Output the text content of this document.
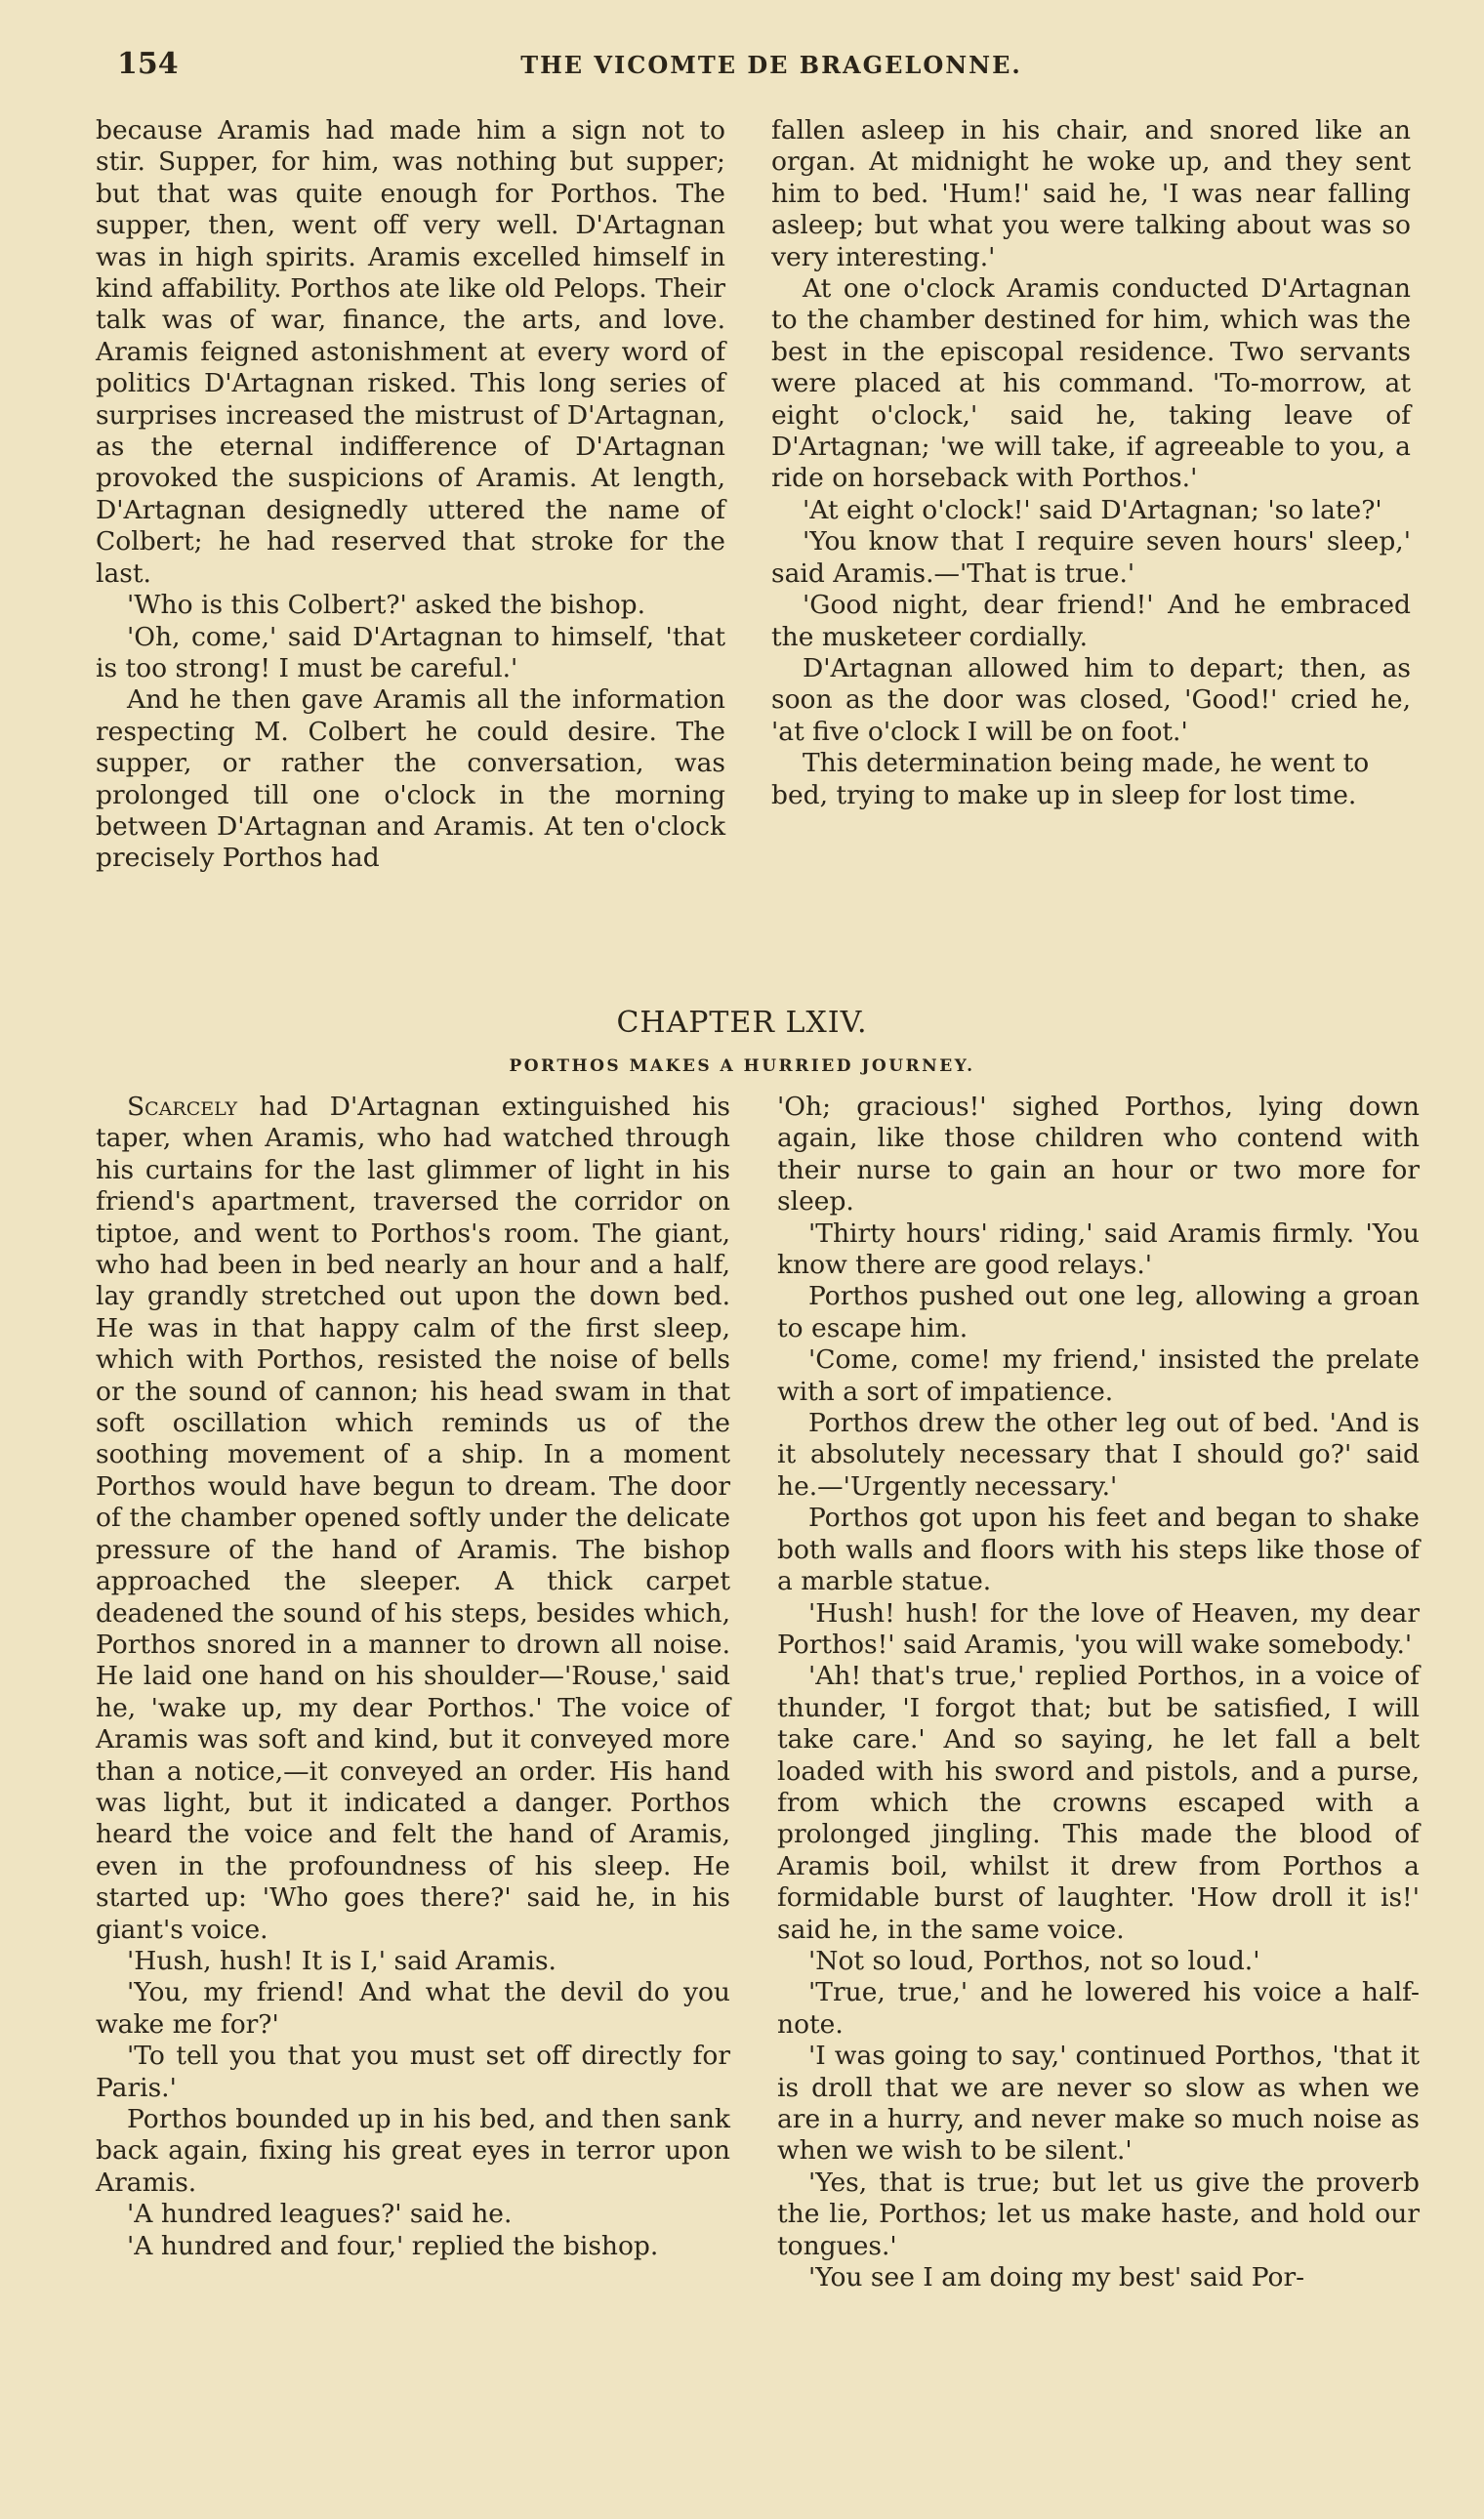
154	THE VICOMTE DE BRAGELONNE.

because Aramis had made him a sign not to stir. Supper, for him, was nothing but supper; but that was quite enough for Porthos. The supper, then, went off very well. D'Artagnan was in high spirits. Aramis excelled himself in kind affability. Porthos ate like old Pelops. Their talk was of war, finance, the arts, and love. Aramis feigned astonishment at every word of politics D'Artagnan risked. This long series of surprises increased the mistrust of D'Artagnan, as the eternal indifference of D'Artagnan provoked the suspicions of Aramis. At length, D'Artagnan designedly uttered the name of Colbert; he had reserved that stroke for the last.

'Who is this Colbert?' asked the bishop.

'Oh, come,' said D'Artagnan to himself, 'that is too strong! I must be careful.'

And he then gave Aramis all the information respecting M. Colbert he could desire. The supper, or rather the conversation, was prolonged till one o'clock in the morning between D'Artagnan and Aramis. At ten o'clock precisely Porthos had

fallen asleep in his chair, and snored like an organ. At midnight he woke up, and they sent him to bed. 'Hum!' said he, 'I was near falling asleep; but what you were talking about was so very interesting.'

At one o'clock Aramis conducted D'Artagnan to the chamber destined for him, which was the best in the episcopal residence. Two servants were placed at his command. 'To-morrow, at eight o'clock,' said he, taking leave of D'Artagnan; 'we will take, if agreeable to you, a ride on horseback with Porthos.'

'At eight o'clock!' said D'Artagnan; 'so late?'

'You know that I require seven hours' sleep,' said Aramis.—'That is true.'

'Good night, dear friend!' And he embraced the musketeer cordially.

D'Artagnan allowed him to depart; then, as soon as the door was closed, 'Good!' cried he, 'at five o'clock I will be on foot.'

This determination being made, he went to bed, trying to make up in sleep for lost time.

CHAPTER LXIV.
PORTHOS MAKES A HURRIED JOURNEY.

Scarcely had D'Artagnan extinguished his taper, when Aramis, who had watched through his curtains for the last glimmer of light in his friend's apartment, traversed the corridor on tiptoe, and went to Porthos's room. The giant, who had been in bed nearly an hour and a half, lay grandly stretched out upon the down bed. He was in that happy calm of the first sleep, which with Porthos, resisted the noise of bells or the sound of cannon; his head swam in that soft oscillation which reminds us of the soothing movement of a ship. In a moment Porthos would have begun to dream. The door of the chamber opened softly under the delicate pressure of the hand of Aramis. The bishop approached the sleeper. A thick carpet deadened the sound of his steps, besides which, Porthos snored in a manner to drown all noise. He laid one hand on his shoulder—'Rouse,' said he, 'wake up, my dear Porthos.' The voice of Aramis was soft and kind, but it conveyed more than a notice,—it conveyed an order. His hand was light, but it indicated a danger. Porthos heard the voice and felt the hand of Aramis, even in the profoundness of his sleep. He started up: 'Who goes there?' said he, in his giant's voice.

'Hush, hush! It is I,' said Aramis.

'You, my friend! And what the devil do you wake me for?'

'To tell you that you must set off directly for Paris.'

Porthos bounded up in his bed, and then sank back again, fixing his great eyes in terror upon Aramis.

'A hundred leagues?' said he.

'A hundred and four,' replied the bishop.

'Oh; gracious!' sighed Porthos, lying down again, like those children who contend with their nurse to gain an hour or two more for sleep.

'Thirty hours' riding,' said Aramis firmly. 'You know there are good relays.'

Porthos pushed out one leg, allowing a groan to escape him.

'Come, come! my friend,' insisted the prelate with a sort of impatience.

Porthos drew the other leg out of bed. 'And is it absolutely necessary that I should go?' said he.—'Urgently necessary.'

Porthos got upon his feet and began to shake both walls and floors with his steps like those of a marble statue.

'Hush! hush! for the love of Heaven, my dear Porthos!' said Aramis, 'you will wake somebody.'

'Ah! that's true,' replied Porthos, in a voice of thunder, 'I forgot that; but be satisfied, I will take care.' And so saying, he let fall a belt loaded with his sword and pistols, and a purse, from which the crowns escaped with a prolonged jingling. This made the blood of Aramis boil, whilst it drew from Porthos a formidable burst of laughter. 'How droll it is!' said he, in the same voice.

'Not so loud, Porthos, not so loud.'

'True, true,' and he lowered his voice a half-note.

'I was going to say,' continued Porthos, 'that it is droll that we are never so slow as when we are in a hurry, and never make so much noise as when we wish to be silent.'

'Yes, that is true; but let us give the proverb the lie, Porthos; let us make haste, and hold our tongues.'

'You see I am doing my best' said Por-
